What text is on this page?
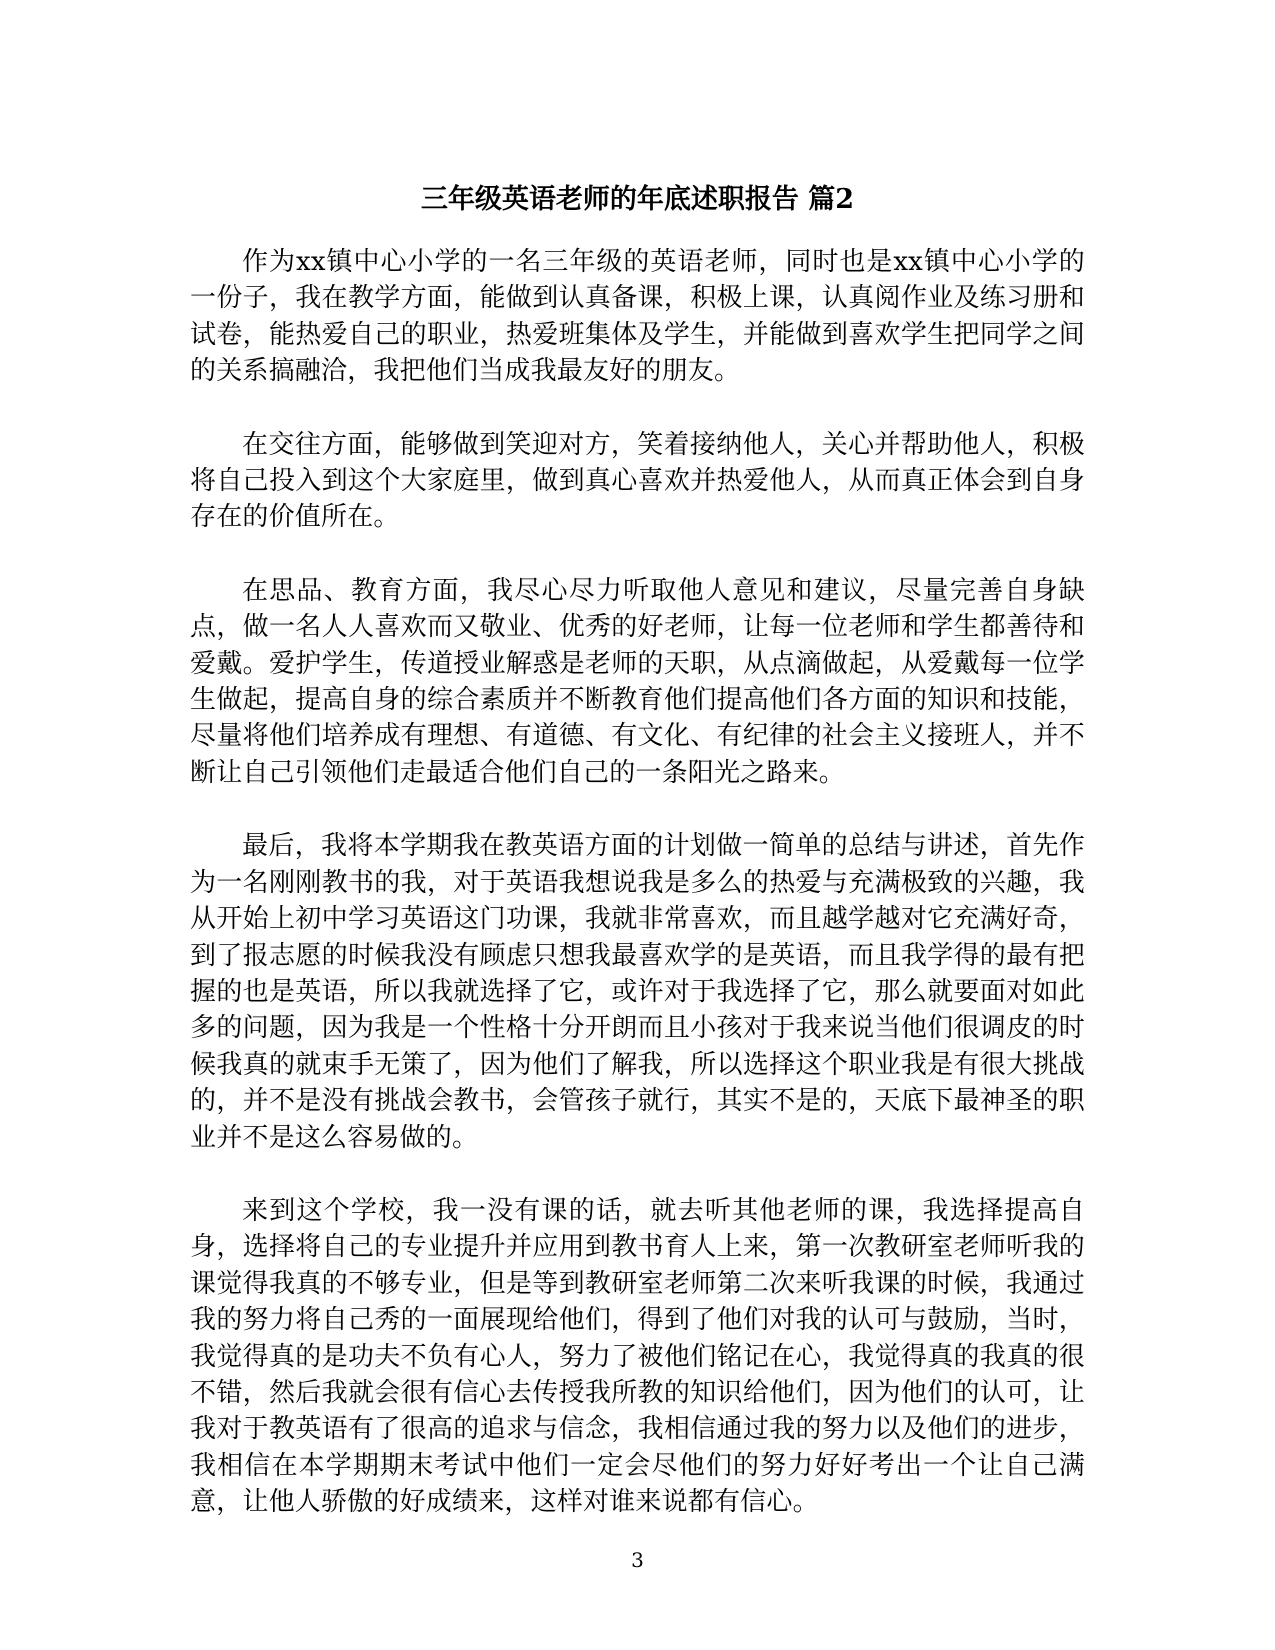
三年级英语老师的年底述职报告 篇2

作为xx镇中心小学的一名三年级的英语老师，同时也是xx镇中心小学的一份子，我在教学方面，能做到认真备课，积极上课，认真阅作业及练习册和试卷，能热爱自己的职业，热爱班集体及学生，并能做到喜欢学生把同学之间的关系搞融洽，我把他们当成我最友好的朋友。

在交往方面，能够做到笑迎对方，笑着接纳他人，关心并帮助他人，积极将自己投入到这个大家庭里，做到真心喜欢并热爱他人，从而真正体会到自身存在的价值所在。

在思品、教育方面，我尽心尽力听取他人意见和建议，尽量完善自身缺点，做一名人人喜欢而又敬业、优秀的好老师，让每一位老师和学生都善待和爱戴。爱护学生，传道授业解惑是老师的天职，从点滴做起，从爱戴每一位学生做起，提高自身的综合素质并不断教育他们提高他们各方面的知识和技能，尽量将他们培养成有理想、有道德、有文化、有纪律的社会主义接班人，并不断让自己引领他们走最适合他们自己的一条阳光之路来。

最后，我将本学期我在教英语方面的计划做一简单的总结与讲述，首先作为一名刚刚教书的我，对于英语我想说我是多么的热爱与充满极致的兴趣，我从开始上初中学习英语这门功课，我就非常喜欢，而且越学越对它充满好奇，到了报志愿的时候我没有顾虑只想我最喜欢学的是英语，而且我学得的最有把握的也是英语，所以我就选择了它，或许对于我选择了它，那么就要面对如此多的问题，因为我是一个性格十分开朗而且小孩对于我来说当他们很调皮的时候我真的就束手无策了，因为他们了解我，所以选择这个职业我是有很大挑战的，并不是没有挑战会教书，会管孩子就行，其实不是的，天底下最神圣的职业并不是这么容易做的。

来到这个学校，我一没有课的话，就去听其他老师的课，我选择提高自身，选择将自己的专业提升并应用到教书育人上来，第一次教研室老师听我的课觉得我真的不够专业，但是等到教研室老师第二次来听我课的时候，我通过我的努力将自己秀的一面展现给他们，得到了他们对我的认可与鼓励，当时，我觉得真的是功夫不负有心人，努力了被他们铭记在心，我觉得真的我真的很不错，然后我就会很有信心去传授我所教的知识给他们，因为他们的认可，让我对于教英语有了很高的追求与信念，我相信通过我的努力以及他们的进步，我相信在本学期期末考试中他们一定会尽他们的努力好好考出一个让自己满意，让他人骄傲的好成绩来，这样对谁来说都有信心。

3
